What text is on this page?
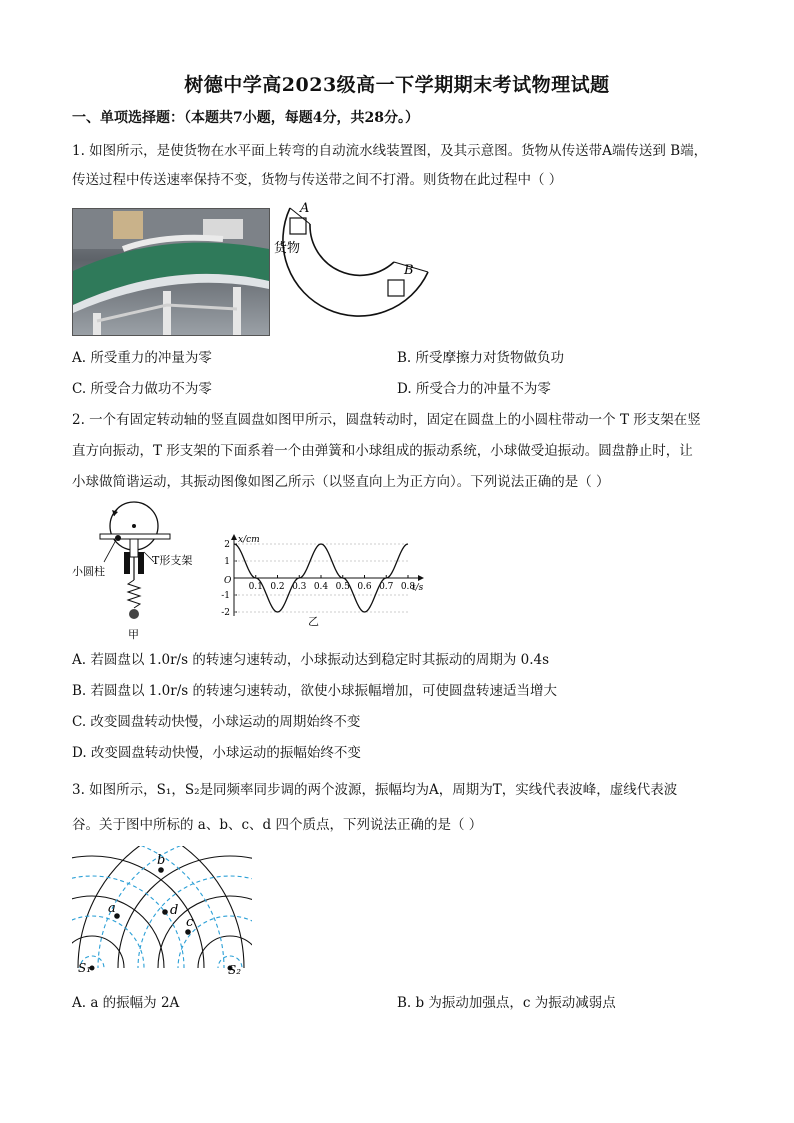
树德中学高2023级高一下学期期末考试物理试题
一、单项选择题：（本题共7小题，每题4分，共28分。）
1. 如图所示，是使货物在水平面上转弯的自动流水线装置图，及其示意图。货物从传送带A端传送到 B端，
传送过程中传送速率保持不变，货物与传送带之间不打滑。则货物在此过程中（ ）
A
B
货物
A. 所受重力的冲量为零	B. 所受摩擦力对货物做负功
C. 所受合力做功不为零	D. 所受合力的冲量不为零
2. 一个有固定转动轴的竖直圆盘如图甲所示，圆盘转动时，固定在圆盘上的小圆柱带动一个 T 形支架在竖
直方向振动，T 形支架的下面系着一个由弹簧和小球组成的振动系统，小球做受迫振动。圆盘静止时，让
小球做简谐运动，其振动图像如图乙所示（以竖直向上为正方向）。下列说法正确的是（ ）
小圆柱
T形支架
甲
x/cm
t/s
O
2
1
-1
-2
0.1 0.2 0.3 0.4 0.5 0.6 0.7 0.8
乙
A. 若圆盘以 1.0r/s 的转速匀速转动，小球振动达到稳定时其振动的周期为 0.4s
B. 若圆盘以 1.0r/s 的转速匀速转动，欲使小球振幅增加，可使圆盘转速适当增大
C. 改变圆盘转动快慢，小球运动的周期始终不变
D. 改变圆盘转动快慢，小球运动的振幅始终不变
3. 如图所示，S₁，S₂是同频率同步调的两个波源，振幅均为A，周期为T，实线代表波峰，虚线代表波
谷。关于图中所标的 a、b、c、d 四个质点，下列说法正确的是（ ）
b
a	d
c
S₁	S₂
A. a 的振幅为 2A	B. b 为振动加强点，c 为振动减弱点
